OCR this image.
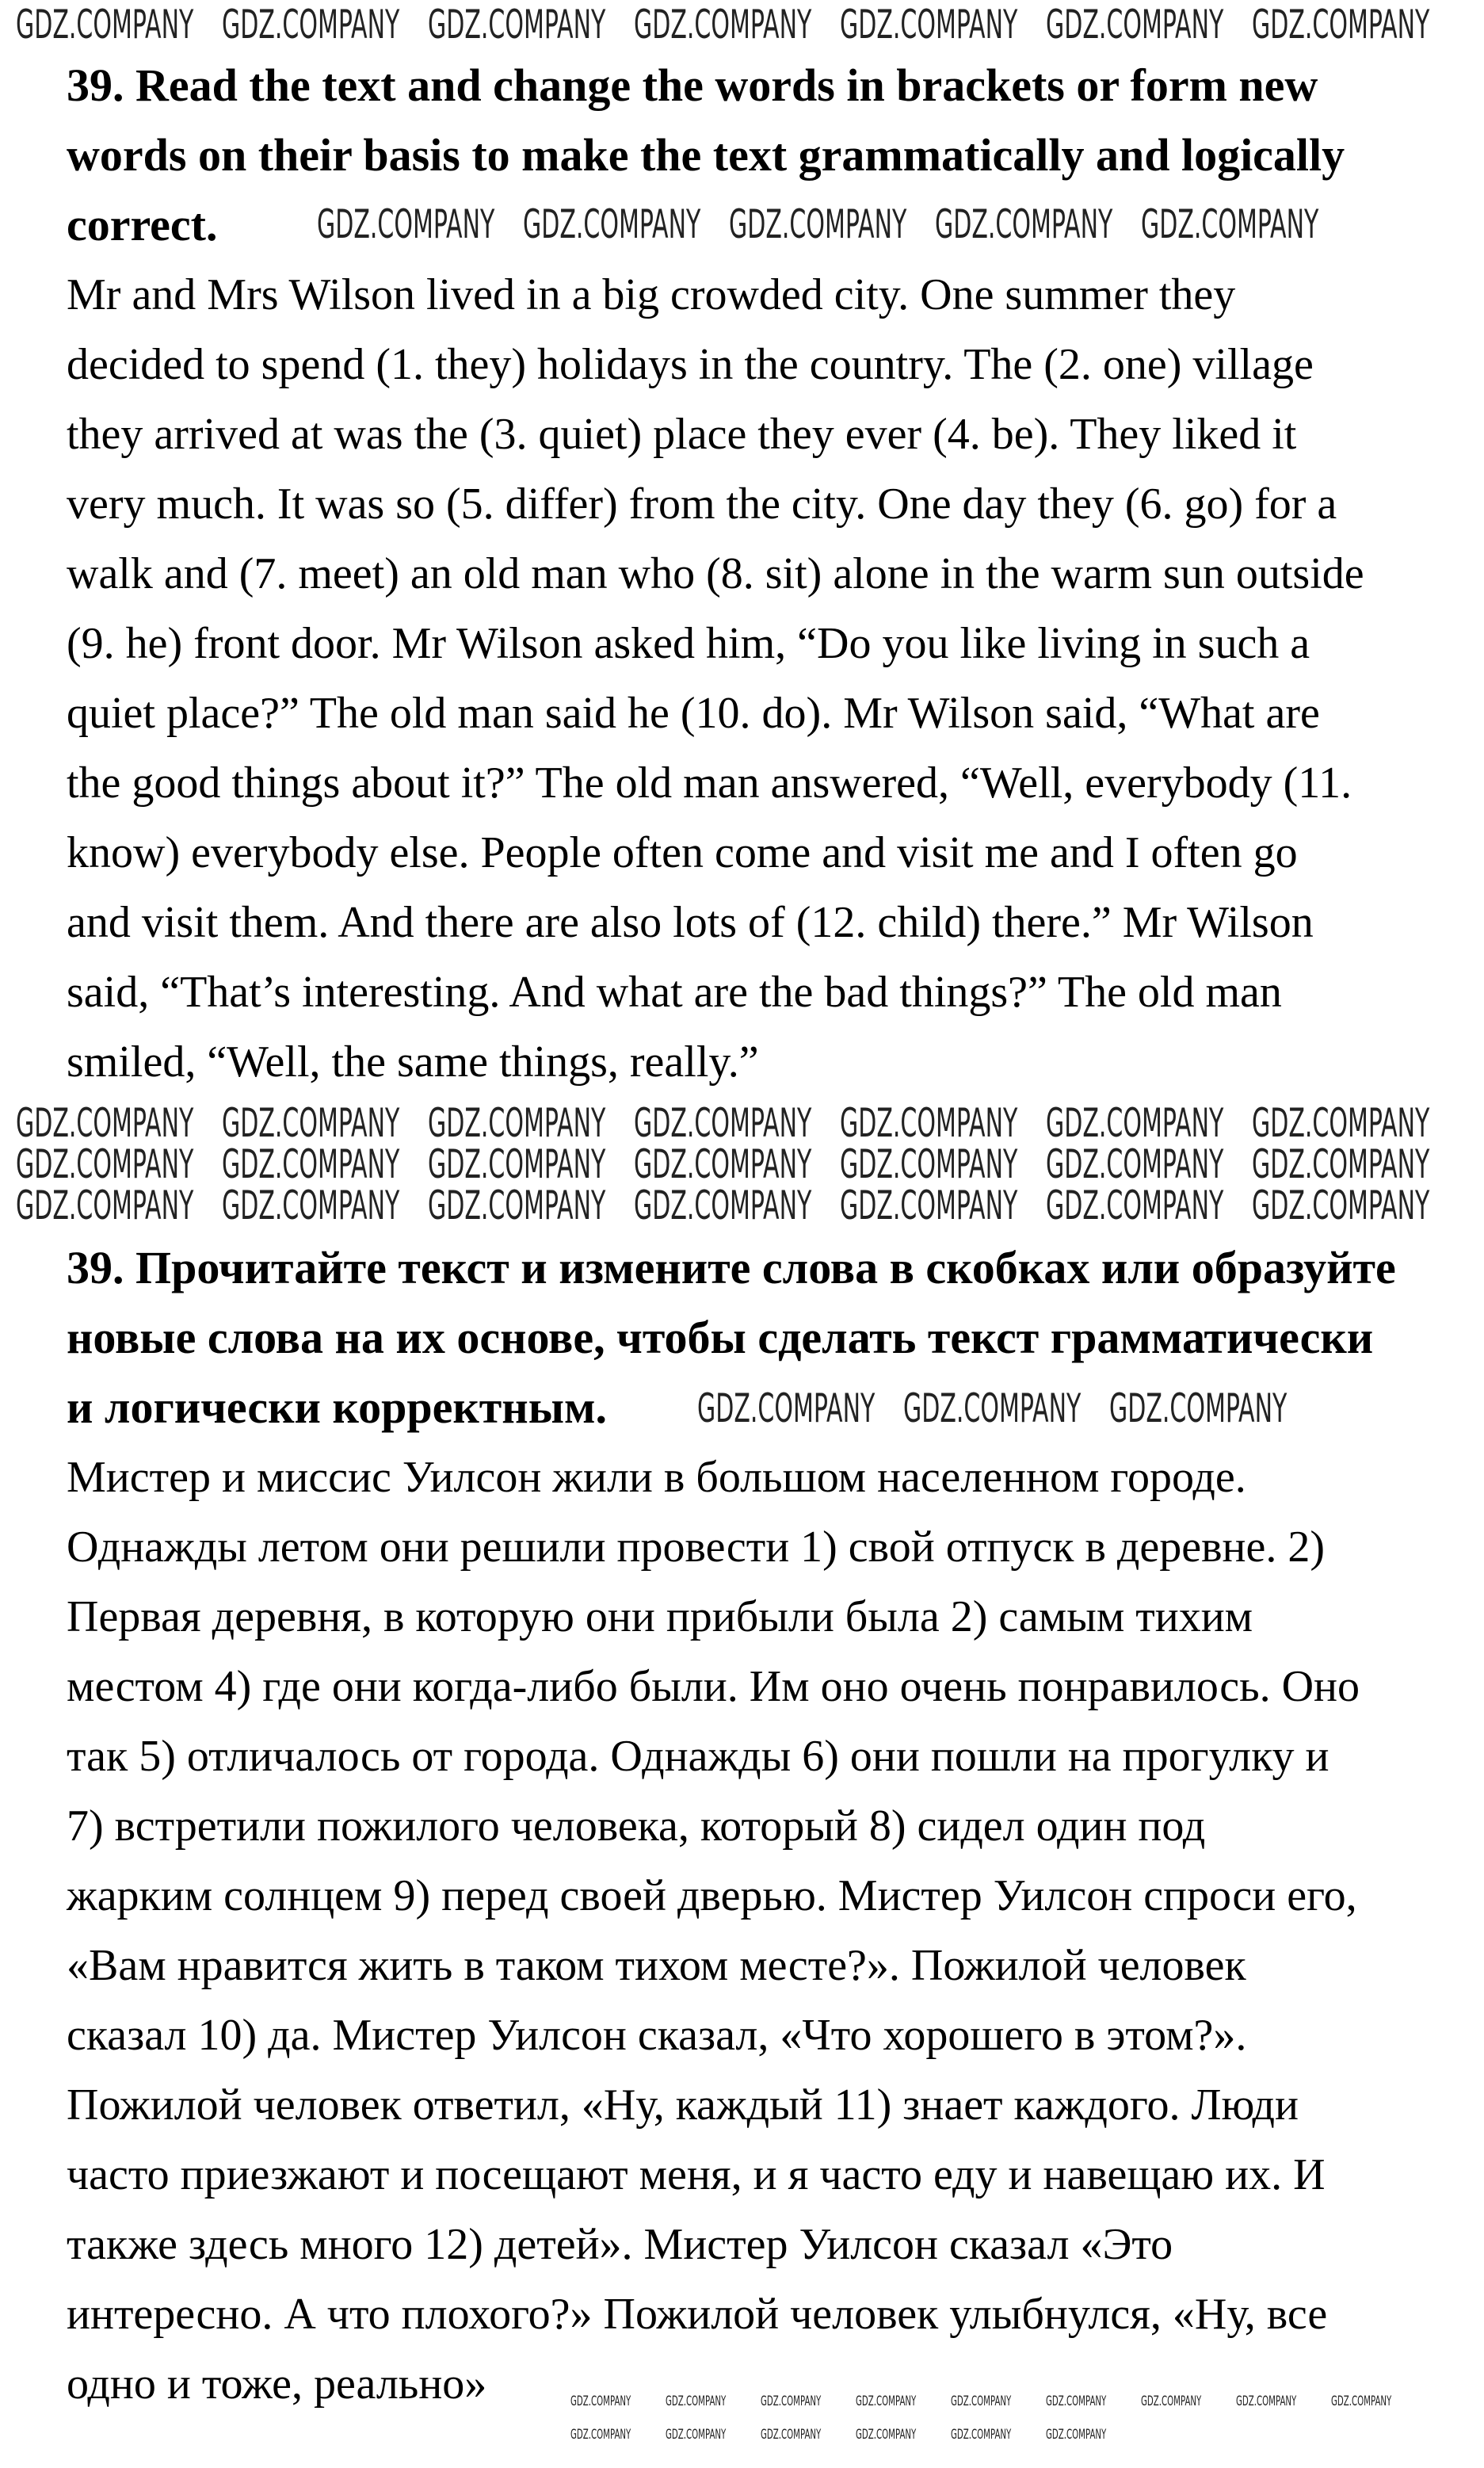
39. Read the text and change the words in brackets or form new
words on their basis to make the text grammatically and logically
correct.
Mr and Mrs Wilson lived in a big crowded city. One summer they
decided to spend (1. they) holidays in the country. The (2. one) village
they arrived at was the (3. quiet) place they ever (4. be). They liked it
very much. It was so (5. differ) from the city. One day they (6. go) for a
walk and (7. meet) an old man who (8. sit) alone in the warm sun outside
(9. he) front door. Mr Wilson asked him, “Do you like living in such a
quiet place?” The old man said he (10. do). Mr Wilson said, “What are
the good things about it?” The old man answered, “Well, everybody (11.
know) everybody else. People often come and visit me and I often go
and visit them. And there are also lots of (12. child) there.” Mr Wilson
said, “That’s interesting. And what are the bad things?” The old man
smiled, “Well, the same things, really.”
39. Прочитайте текст и измените слова в скобках или образуйте
новые слова на их основе, чтобы сделать текст грамматически
и логически корректным.
Мистер и миссис Уилсон жили в большом населенном городе.
Однажды летом они решили провести 1) свой отпуск в деревне. 2)
Первая деревня, в которую они прибыли была 2) самым тихим
местом 4) где они когда-либо были. Им оно очень понравилось. Оно
так 5) отличалось от города. Однажды 6) они пошли на прогулку и
7) встретили пожилого человека, который 8) сидел один под
жарким солнцем 9) перед своей дверью. Мистер Уилсон спроси его,
«Вам нравится жить в таком тихом месте?». Пожилой человек
сказал 10) да. Мистер Уилсон сказал, «Что хорошего в этом?».
Пожилой человек ответил, «Ну, каждый 11) знает каждого. Люди
часто приезжают и посещают меня, и я часто еду и навещаю их. И
также здесь много 12) детей». Мистер Уилсон сказал «Это
интересно. А что плохого?» Пожилой человек улыбнулся, «Ну, все
одно и тоже, реально»
GDZ.COMPANY GDZ.COMPANY GDZ.COMPANY GDZ.COMPANY GDZ.COMPANY GDZ.COMPANY GDZ.COMPANY
GDZ.COMPANY GDZ.COMPANY GDZ.COMPANY GDZ.COMPANY GDZ.COMPANY
GDZ.COMPANY GDZ.COMPANY GDZ.COMPANY GDZ.COMPANY GDZ.COMPANY GDZ.COMPANY GDZ.COMPANY
GDZ.COMPANY GDZ.COMPANY GDZ.COMPANY GDZ.COMPANY GDZ.COMPANY GDZ.COMPANY GDZ.COMPANY
GDZ.COMPANY GDZ.COMPANY GDZ.COMPANY GDZ.COMPANY GDZ.COMPANY GDZ.COMPANY GDZ.COMPANY
GDZ.COMPANY GDZ.COMPANY GDZ.COMPANY
GDZ.COMPANY	GDZ.COMPANY	GDZ.COMPANY	GDZ.COMPANY	GDZ.COMPANY	GDZ.COMPANY	GDZ.COMPANY	GDZ.COMPANY	GDZ.COMPANY
GDZ.COMPANY	GDZ.COMPANY	GDZ.COMPANY	GDZ.COMPANY	GDZ.COMPANY	GDZ.COMPANY
